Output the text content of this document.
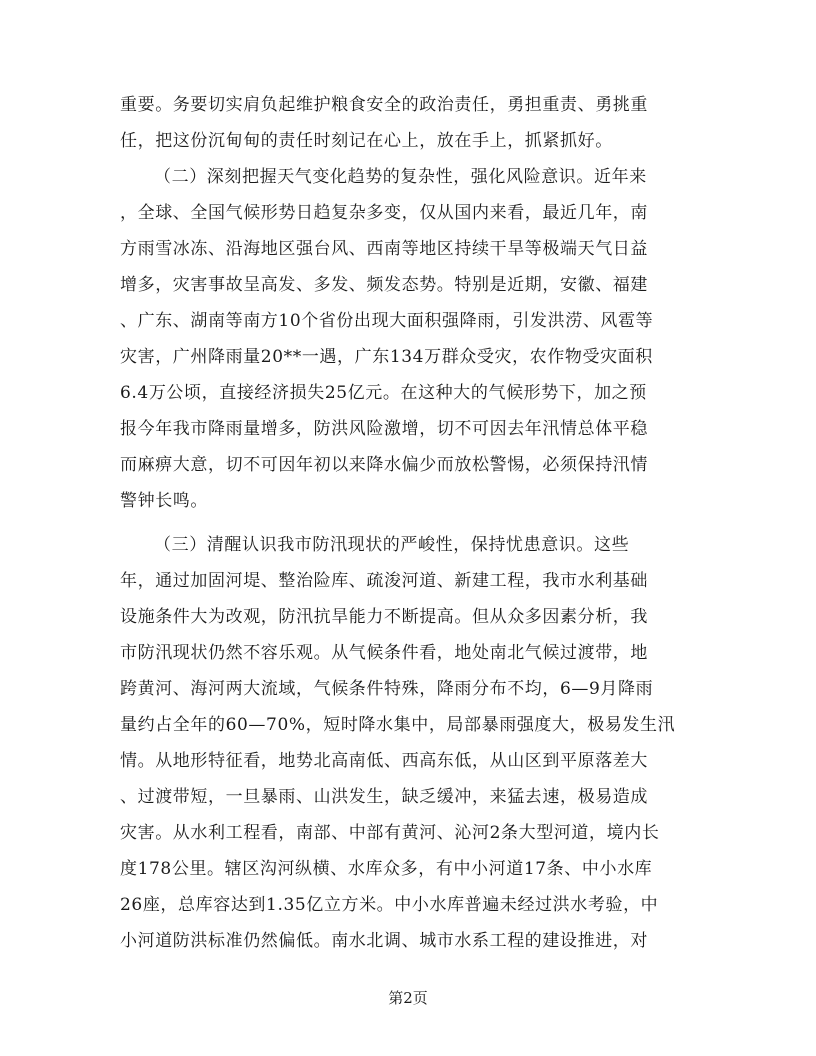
重要。务要切实肩负起维护粮食安全的政治责任，勇担重责、勇挑重
任，把这份沉甸甸的责任时刻记在心上，放在手上，抓紧抓好。
（二）深刻把握天气变化趋势的复杂性，强化风险意识。近年来
，全球、全国气候形势日趋复杂多变，仅从国内来看，最近几年，南
方雨雪冰冻、沿海地区强台风、西南等地区持续干旱等极端天气日益
增多，灾害事故呈高发、多发、频发态势。特别是近期，安徽、福建
、广东、湖南等南方10个省份出现大面积强降雨，引发洪涝、风雹等
灾害，广州降雨量20**一遇，广东134万群众受灾，农作物受灾面积
6.4万公顷，直接经济损失25亿元。在这种大的气候形势下，加之预
报今年我市降雨量增多，防洪风险激增，切不可因去年汛情总体平稳
而麻痹大意，切不可因年初以来降水偏少而放松警惕，必须保持汛情
警钟长鸣。
（三）清醒认识我市防汛现状的严峻性，保持忧患意识。这些
年，通过加固河堤、整治险库、疏浚河道、新建工程，我市水利基础
设施条件大为改观，防汛抗旱能力不断提高。但从众多因素分析，我
市防汛现状仍然不容乐观。从气候条件看，地处南北气候过渡带，地
跨黄河、海河两大流域，气候条件特殊，降雨分布不均，6—9月降雨
量约占全年的60—70%，短时降水集中，局部暴雨强度大，极易发生汛
情。从地形特征看，地势北高南低、西高东低，从山区到平原落差大
、过渡带短，一旦暴雨、山洪发生，缺乏缓冲，来猛去速，极易造成
灾害。从水利工程看，南部、中部有黄河、沁河2条大型河道，境内长
度178公里。辖区沟河纵横、水库众多，有中小河道17条、中小水库
26座，总库容达到1.35亿立方米。中小水库普遍未经过洪水考验，中
小河道防洪标准仍然偏低。南水北调、城市水系工程的建设推进，对
第2页
